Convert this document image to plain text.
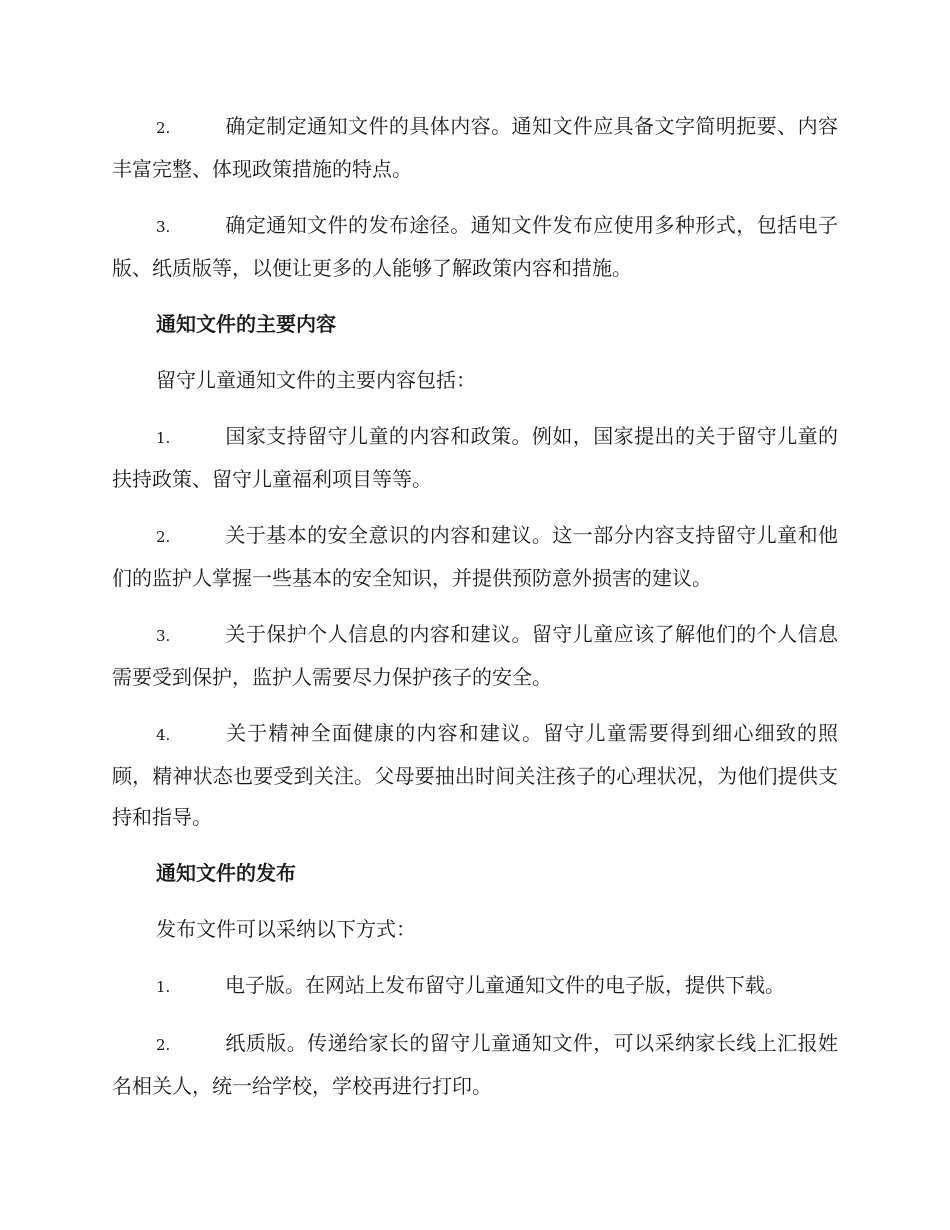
2.	确定制定通知文件的具体内容。通知文件应具备文字简明扼要、内容丰富完整、体现政策措施的特点。

3.	确定通知文件的发布途径。通知文件发布应使用多种形式，包括电子版、纸质版等，以便让更多的人能够了解政策内容和措施。

通知文件的主要内容

留守儿童通知文件的主要内容包括：

1.	国家支持留守儿童的内容和政策。例如，国家提出的关于留守儿童的扶持政策、留守儿童福利项目等等。

2.	关于基本的安全意识的内容和建议。这一部分内容支持留守儿童和他们的监护人掌握一些基本的安全知识，并提供预防意外损害的建议。

3.	关于保护个人信息的内容和建议。留守儿童应该了解他们的个人信息需要受到保护，监护人需要尽力保护孩子的安全。

4.	关于精神全面健康的内容和建议。留守儿童需要得到细心细致的照顾，精神状态也要受到关注。父母要抽出时间关注孩子的心理状况，为他们提供支持和指导。

通知文件的发布

发布文件可以采纳以下方式：

1.	电子版。在网站上发布留守儿童通知文件的电子版，提供下载。

2.	纸质版。传递给家长的留守儿童通知文件，可以采纳家长线上汇报姓名相关人，统一给学校，学校再进行打印。
